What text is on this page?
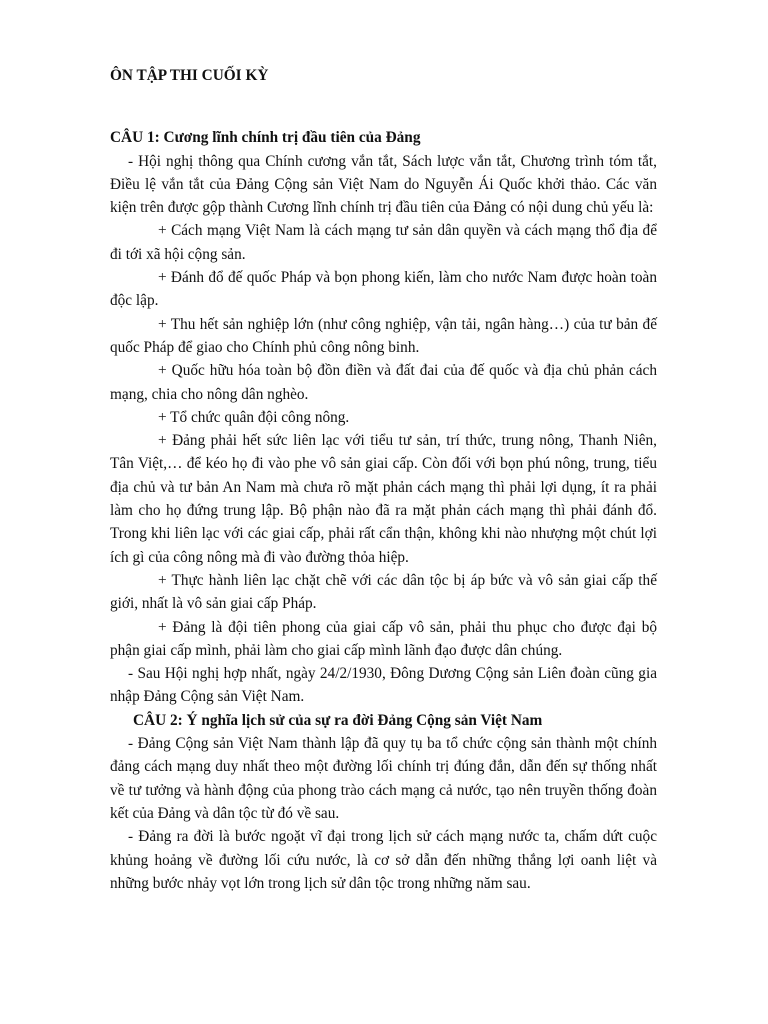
ÔN TẬP THI CUỐI KỲ

CÂU 1: Cương lĩnh chính trị đầu tiên của Đảng

- Hội nghị thông qua Chính cương vắn tắt, Sách lược vắn tắt, Chương trình tóm tắt, Điều lệ vắn tắt của Đảng Cộng sản Việt Nam do Nguyễn Ái Quốc khởi thảo. Các văn kiện trên được gộp thành Cương lĩnh chính trị đầu tiên của Đảng có nội dung chủ yếu là:

+ Cách mạng Việt Nam là cách mạng tư sản dân quyền và cách mạng thổ địa để đi tới xã hội cộng sản.

+ Đánh đổ đế quốc Pháp và bọn phong kiến, làm cho nước Nam được hoàn toàn độc lập.

+ Thu hết sản nghiệp lớn (như công nghiệp, vận tải, ngân hàng…) của tư bản đế quốc Pháp để giao cho Chính phủ công nông binh.

+ Quốc hữu hóa toàn bộ đồn điền và đất đai của đế quốc và địa chủ phản cách mạng, chia cho nông dân nghèo.

+ Tổ chức quân đội công nông.

+ Đảng phải hết sức liên lạc với tiểu tư sản, trí thức, trung nông, Thanh Niên, Tân Việt,… để kéo họ đi vào phe vô sản giai cấp. Còn đối với bọn phú nông, trung, tiểu địa chủ và tư bản An Nam mà chưa rõ mặt phản cách mạng thì phải lợi dụng, ít ra phải làm cho họ đứng trung lập. Bộ phận nào đã ra mặt phản cách mạng thì phải đánh đổ. Trong khi liên lạc với các giai cấp, phải rất cẩn thận, không khi nào nhượng một chút lợi ích gì của công nông mà đi vào đường thỏa hiệp.

+ Thực hành liên lạc chặt chẽ với các dân tộc bị áp bức và vô sản giai cấp thế giới, nhất là vô sản giai cấp Pháp.

+ Đảng là đội tiên phong của giai cấp vô sản, phải thu phục cho được đại bộ phận giai cấp mình, phải làm cho giai cấp mình lãnh đạo được dân chúng.

- Sau Hội nghị hợp nhất, ngày 24/2/1930, Đông Dương Cộng sản Liên đoàn cũng gia nhập Đảng Cộng sản Việt Nam.

CÂU 2: Ý nghĩa lịch sử của sự ra đời Đảng Cộng sản Việt Nam

- Đảng Cộng sản Việt Nam thành lập đã quy tụ ba tổ chức cộng sản thành một chính đảng cách mạng duy nhất theo một đường lối chính trị đúng đắn, dẫn đến sự thống nhất về tư tưởng và hành động của phong trào cách mạng cả nước, tạo nên truyền thống đoàn kết của Đảng và dân tộc từ đó về sau.

- Đảng ra đời là bước ngoặt vĩ đại trong lịch sử cách mạng nước ta, chấm dứt cuộc khủng hoảng về đường lối cứu nước, là cơ sở dẫn đến những thắng lợi oanh liệt và những bước nhảy vọt lớn trong lịch sử dân tộc trong những năm sau.
